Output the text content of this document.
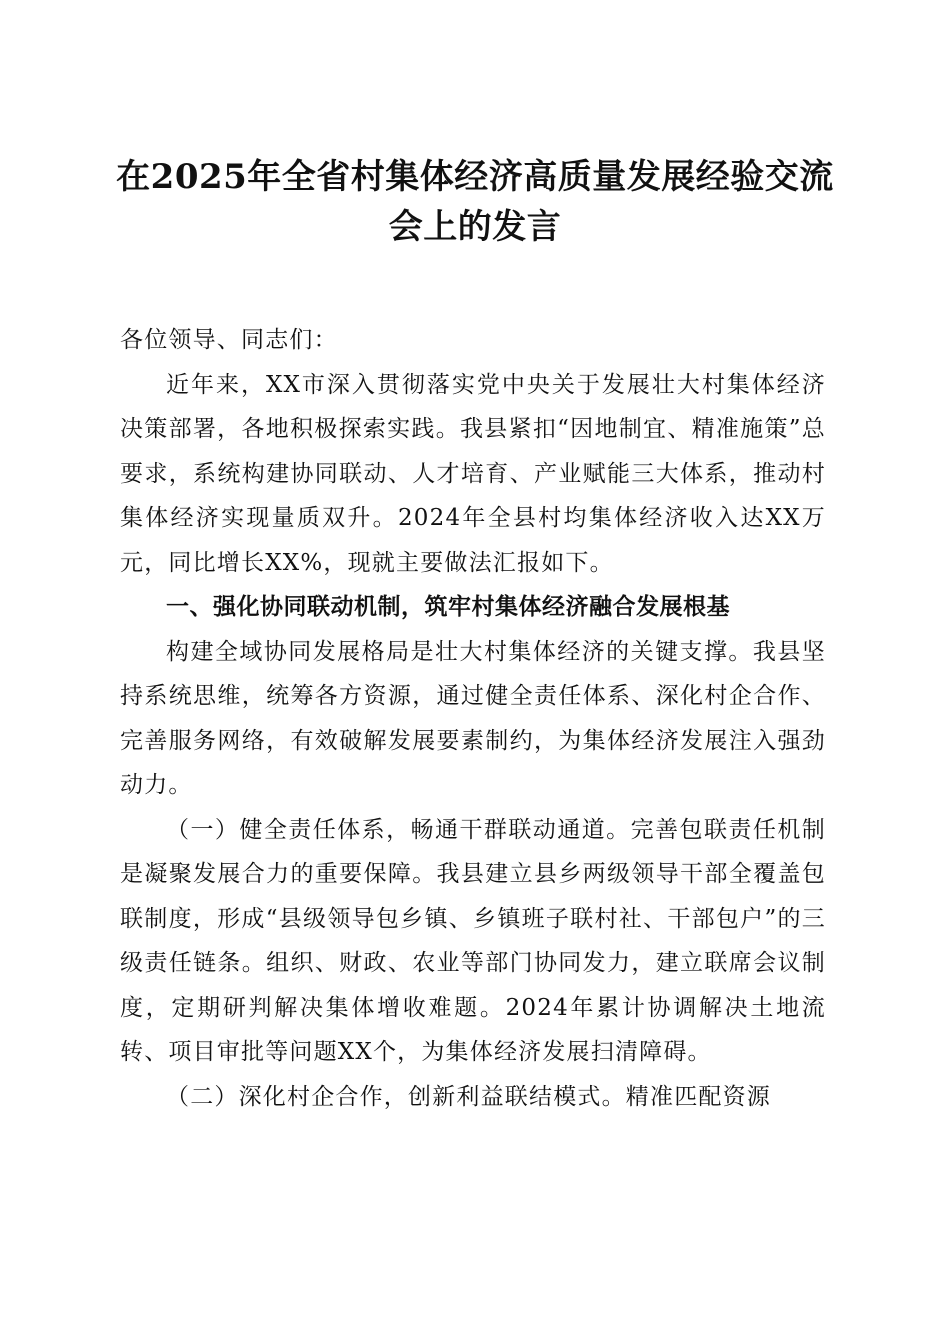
在2025年全省村集体经济高质量发展经验交流会上的发言

各位领导、同志们：

近年来，XX市深入贯彻落实党中央关于发展壮大村集体经济决策部署，各地积极探索实践。我县紧扣“因地制宜、精准施策”总要求，系统构建协同联动、人才培育、产业赋能三大体系，推动村集体经济实现量质双升。2024年全县村均集体经济收入达XX万元，同比增长XX%，现就主要做法汇报如下。

一、强化协同联动机制，筑牢村集体经济融合发展根基

构建全域协同发展格局是壮大村集体经济的关键支撑。我县坚持系统思维，统筹各方资源，通过健全责任体系、深化村企合作、完善服务网络，有效破解发展要素制约，为集体经济发展注入强劲动力。

（一）健全责任体系，畅通干群联动通道。完善包联责任机制是凝聚发展合力的重要保障。我县建立县乡两级领导干部全覆盖包联制度，形成“县级领导包乡镇、乡镇班子联村社、干部包户”的三级责任链条。组织、财政、农业等部门协同发力，建立联席会议制度，定期研判解决集体增收难题。2024年累计协调解决土地流转、项目审批等问题XX个，为集体经济发展扫清障碍。

（二）深化村企合作，创新利益联结模式。精准匹配资源
